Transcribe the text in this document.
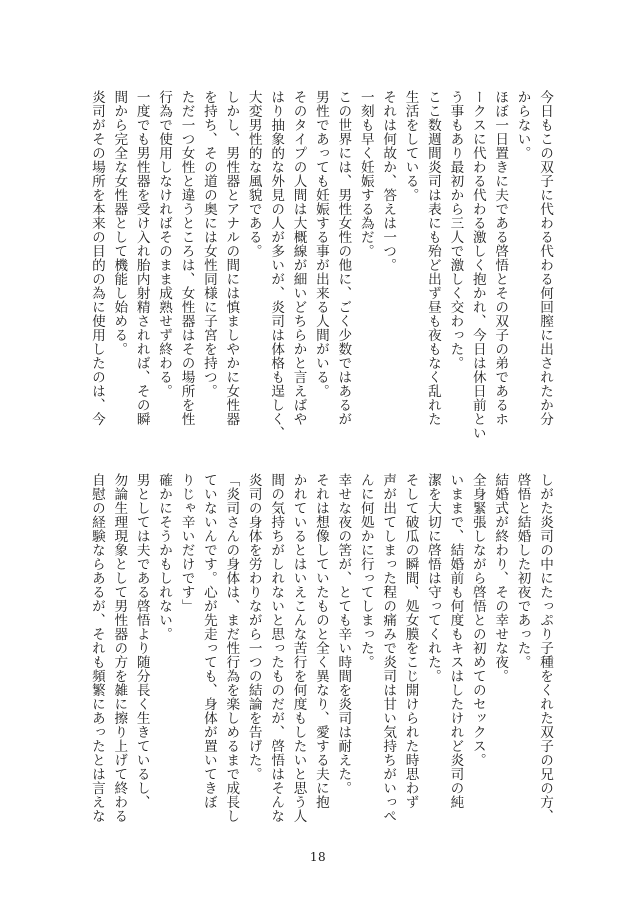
今日もこの双子に代わる代わる何回膣に出されたか分
からない。
ほぼ一日置きに夫である啓悟とその双子の弟であるホ
ークスに代わる代わる激しく抱かれ、今日は休日前とい
う事もあり最初から三人で激しく交わった。
ここ数週間炎司は表にも殆ど出ず昼も夜もなく乱れた
生活をしている。
それは何故か、答えは一つ。
一刻も早く妊娠する為だ。
この世界には、男性女性の他に、ごく少数ではあるが
男性であっても妊娠する事が出来る人間がいる。
そのタイプの人間は大概線が細いどちらかと言えばや
はり抽象的な外見の人が多いが、炎司は体格も逞しく、
大変男性的な風貌である。
しかし、男性器とアナルの間には慎ましやかに女性器
を持ち、その道の奥には女性同様に子宮を持つ。
ただ一つ女性と違うところは、女性器はその場所を性
行為で使用しなければそのまま成熟せず終わる。
一度でも男性器を受け入れ胎内射精されれば、その瞬
間から完全な女性器として機能し始める。
炎司がその場所を本来の目的の為に使用したのは、今
しがた炎司の中にたっぷり子種をくれた双子の兄の方、
啓悟と結婚した初夜であった。
結婚式が終わり、その幸せな夜。
全身緊張しながら啓悟との初めてのセックス。
いままで、結婚前も何度もキスはしたけれど炎司の純
潔を大切に啓悟は守ってくれた。
そして破瓜の瞬間、処女膜をこじ開けられた時思わず
声が出てしまった程の痛みで炎司は甘い気持ちがいっぺ
んに何処かに行ってしまった。
幸せな夜の筈が、とても辛い時間を炎司は耐えた。
それは想像していたものと全く異なり、愛する夫に抱
かれているとはいえこんな苦行を何度もしたいと思う人
間の気持ちがしれないと思ったものだが、啓悟はそんな
炎司の身体を労わりながら一つの結論を告げた。
「炎司さんの身体は、まだ性行為を楽しめるまで成長し
ていないんです。心が先走っても、身体が置いてきぼ
りじゃ辛いだけです」
確かにそうかもしれない。
男としては夫である啓悟より随分長く生きているし、
勿論生理現象として男性器の方を雑に擦り上げて終わる
自慰の経験ならあるが、それも頻繁にあったとは言えな
18
